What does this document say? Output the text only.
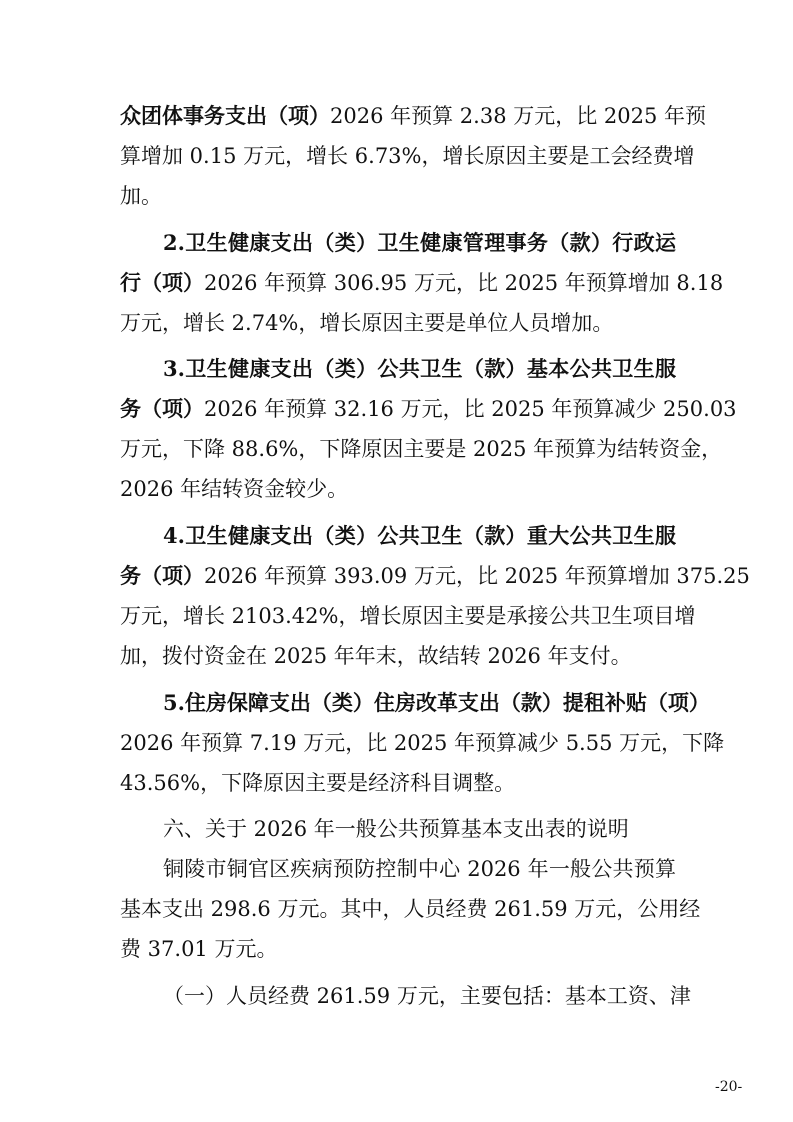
众团体事务支出（项）2026 年预算 2.38 万元，比 2025 年预
算增加 0.15 万元，增长 6.73%，增长原因主要是工会经费增
加。
2.卫生健康支出（类）卫生健康管理事务（款）行政运
行（项）2026 年预算 306.95 万元，比 2025 年预算增加 8.18
万元，增长 2.74%，增长原因主要是单位人员增加。
3.卫生健康支出（类）公共卫生（款）基本公共卫生服
务（项）2026 年预算 32.16 万元，比 2025 年预算减少 250.03
万元，下降 88.6%，下降原因主要是 2025 年预算为结转资金，
2026 年结转资金较少。
4.卫生健康支出（类）公共卫生（款）重大公共卫生服
务（项）2026 年预算 393.09 万元，比 2025 年预算增加 375.25
万元，增长 2103.42%，增长原因主要是承接公共卫生项目增
加，拨付资金在 2025 年年末，故结转 2026 年支付。
5.住房保障支出（类）住房改革支出（款）提租补贴（项）
2026 年预算 7.19 万元，比 2025 年预算减少 5.55 万元，下降
43.56%，下降原因主要是经济科目调整。
六、关于 2026 年一般公共预算基本支出表的说明
铜陵市铜官区疾病预防控制中心 2026 年一般公共预算
基本支出 298.6 万元。其中，人员经费 261.59 万元，公用经
费 37.01 万元。
（一）人员经费 261.59 万元，主要包括：基本工资、津
-20-
